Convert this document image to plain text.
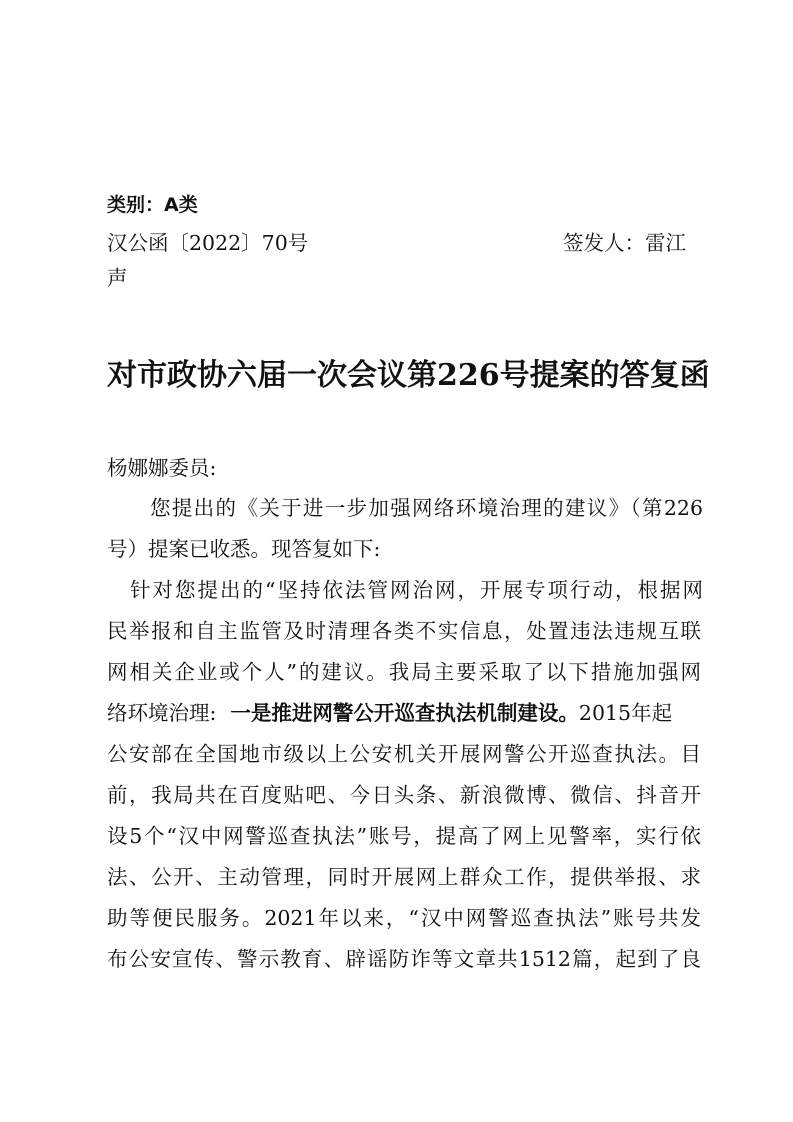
类别：A类
汉公函〔2022〕70号	签发人：雷江
声
对市政协六届一次会议第226号提案的答复函
杨娜娜委员:
您提出的《关于进一步加强网络环境治理的建议》（第226
号）提案已收悉。现答复如下:
针对您提出的“坚持依法管网治网，开展专项行动，根据网
民举报和自主监管及时清理各类不实信息，处置违法违规互联
网相关企业或个人”的建议。我局主要采取了以下措施加强网
络环境治理: 一是推进网警公开巡查执法机制建设。2015年起
公安部在全国地市级以上公安机关开展网警公开巡查执法。目
前，我局共在百度贴吧、今日头条、新浪微博、微信、抖音开
设5个“汉中网警巡查执法”账号，提高了网上见警率，实行依
法、公开、主动管理，同时开展网上群众工作，提供举报、求
助等便民服务。2021年以来，“汉中网警巡查执法”账号共发
布公安宣传、警示教育、辟谣防诈等文章共1512篇，起到了良
